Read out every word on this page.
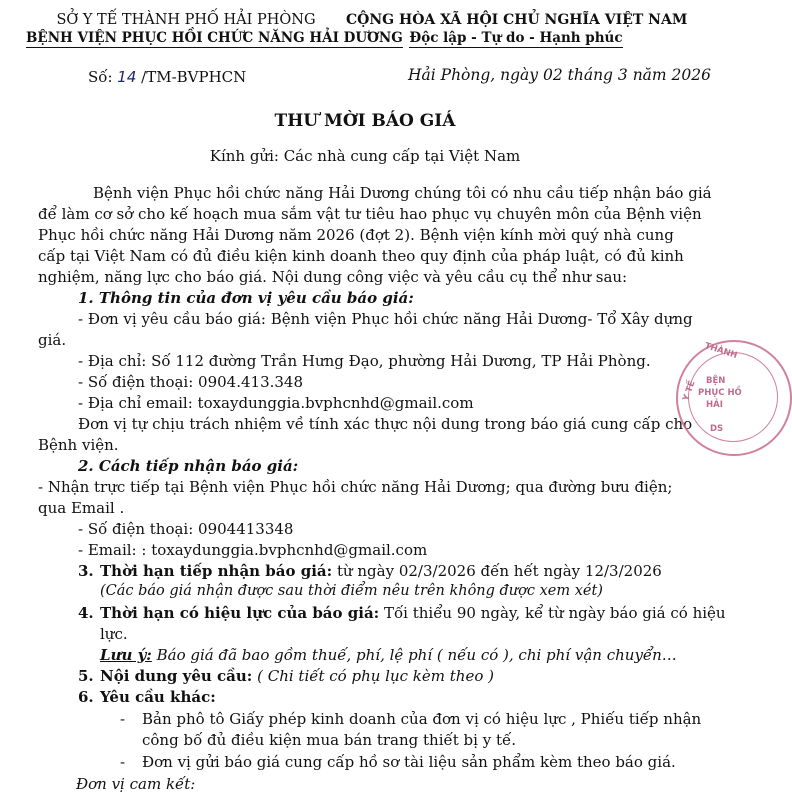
SỞ Y TẾ THÀNH PHỐ HẢI PHÒNG
BỆNH VIỆN PHỤC HỒI CHỨC NĂNG HẢI DƯƠNG
CỘNG HÒA XÃ HỘI CHỦ NGHĨA VIỆT NAM
Độc lập - Tự do - Hạnh phúc
Số: 14 /TM-BVPHCN	Hải Phòng, ngày 02 tháng 3 năm 2026
THƯ MỜI BÁO GIÁ
Kính gửi: Các nhà cung cấp tại Việt Nam
Bệnh viện Phục hồi chức năng Hải Dương chúng tôi có nhu cầu tiếp nhận báo giá
để làm cơ sở cho kế hoạch mua sắm vật tư tiêu hao phục vụ chuyên môn của Bệnh viện
Phục hồi chức năng Hải Dương năm 2026 (đợt 2). Bệnh viện kính mời quý nhà cung
cấp tại Việt Nam có đủ điều kiện kinh doanh theo quy định của pháp luật, có đủ kinh
nghiệm, năng lực cho báo giá. Nội dung công việc và yêu cầu cụ thể như sau:
1. Thông tin của đơn vị yêu cầu báo giá:
- Đơn vị yêu cầu báo giá: Bệnh viện Phục hồi chức năng Hải Dương- Tổ Xây dựng
giá.
- Địa chỉ: Số 112 đường Trần Hưng Đạo, phường Hải Dương, TP Hải Phòng.
- Số điện thoại: 0904.413.348
- Địa chỉ email: toxaydunggia.bvphcnhd@gmail.com
Đơn vị tự chịu trách nhiệm về tính xác thực nội dung trong báo giá cung cấp cho
Bệnh viện.
2. Cách tiếp nhận báo giá:
- Nhận trực tiếp tại Bệnh viện Phục hồi chức năng Hải Dương; qua đường bưu điện;
qua Email .
- Số điện thoại: 0904413348
- Email: : toxaydunggia.bvphcnhd@gmail.com
3. Thời hạn tiếp nhận báo giá: từ ngày 02/3/2026 đến hết ngày 12/3/2026
(Các báo giá nhận được sau thời điểm nêu trên không được xem xét)
4. Thời hạn có hiệu lực của báo giá: Tối thiểu 90 ngày, kể từ ngày báo giá có hiệu
lực.
Lưu ý: Báo giá đã bao gồm thuế, phí, lệ phí ( nếu có ), chi phí vận chuyển…
5. Nội dung yêu cầu: ( Chi tiết có phụ lục kèm theo )
6. Yêu cầu khác:
- Bản phô tô Giấy phép kinh doanh của đơn vị có hiệu lực , Phiếu tiếp nhận
công bố đủ điều kiện mua bán trang thiết bị y tế.
- Đơn vị gửi báo giá cung cấp hồ sơ tài liệu sản phẩm kèm theo báo giá.
Đơn vị cam kết:
THÀNH
Y TẾ BỆN
PHỤC HỒ
HẢI
DS
